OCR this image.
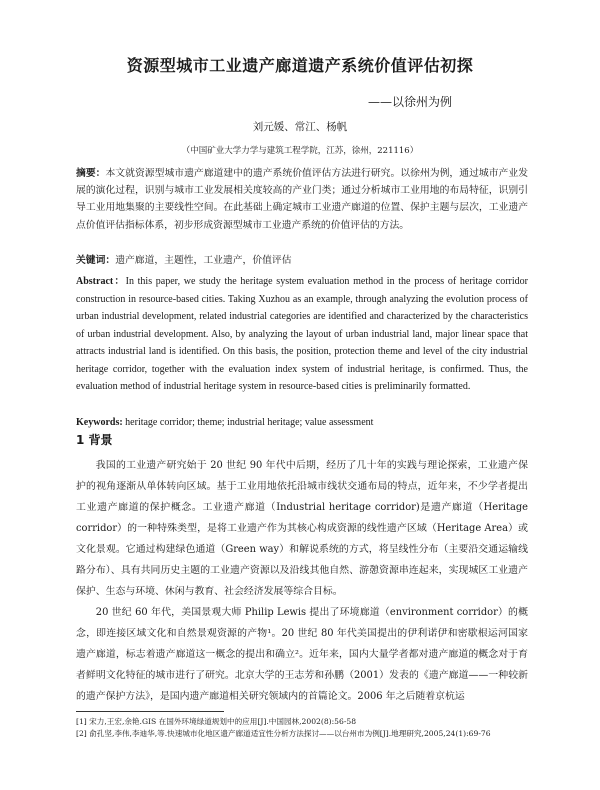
资源型城市工业遗产廊道遗产系统价值评估初探
——以徐州为例
刘元媛、常江、杨帆
（中国矿业大学力学与建筑工程学院，江苏，徐州，221116）
摘要：本文就资源型城市遗产廊道建中的遗产系统价值评估方法进行研究。以徐州为例，通过城市产业发展的演化过程，识别与城市工业发展相关度较高的产业门类；通过分析城市工业用地的布局特征，识别引导工业用地集聚的主要线性空间。在此基础上确定城市工业遗产廊道的位置、保护主题与层次，工业遗产点价值评估指标体系，初步形成资源型城市工业遗产系统的价值评估的方法。
关键词：遗产廊道，主题性，工业遗产，价值评估
Abstract：In this paper, we study the heritage system evaluation method in the process of heritage corridor construction in resource-based cities. Taking Xuzhou as an example, through analyzing the evolution process of urban industrial development, related industrial categories are identified and characterized by the characteristics of urban industrial development. Also, by analyzing the layout of urban industrial land, major linear space that attracts industrial land is identified. On this basis, the position, protection theme and level of the city industrial heritage corridor, together with the evaluation index system of industrial heritage, is confirmed. Thus, the evaluation method of industrial heritage system in resource-based cities is preliminarily formatted.
Keywords: heritage corridor; theme; industrial heritage; value assessment
1 背景

我国的工业遗产研究始于 20 世纪 90 年代中后期，经历了几十年的实践与理论探索，工业遗产保护的视角逐渐从单体转向区域。基于工业用地依托沿城市线状交通布局的特点，近年来，不少学者提出工业遗产廊道的保护概念。工业遗产廊道（Industrial heritage corridor)是遗产廊道（Heritage corridor）的一种特殊类型，是将工业遗产作为其核心构成资源的线性遗产区域（Heritage Area）或文化景观。它通过构建绿色通道（Green way）和解说系统的方式，将呈线性分布（主要沿交通运输线路分布）、具有共同历史主题的工业遗产资源以及沿线其他自然、游憩资源串连起来，实现城区工业遗产保护、生态与环境、休闲与教育、社会经济发展等综合目标。

20 世纪 60 年代，美国景观大师 Philip Lewis 提出了环境廊道（environment corridor）的概念，即连接区域文化和自然景观资源的产物¹。20 世纪 80 年代美国提出的伊利诺伊和密歇根运河国家遗产廊道，标志着遗产廊道这一概念的提出和确立²。近年来，国内大量学者都对遗产廊道的概念对于育者鲜明文化特征的城市进行了研究。北京大学的王志芳和孙鹏（2001）发表的《遗产廊道——一种较新的遗产保护方法》，是国内遗产廊道相关研究领域内的首篇论文。2006 年之后随着京杭运

[1] 宋力,王宏,余艳.GIS 在国外环境绿道规划中的应用[J].中国园林,2002(8):56-58
[2] 俞孔坚,李伟,李迪华,等.快速城市化地区遗产廊道适宜性分析方法探讨——以台州市为例[J].地理研究,2005,24(1):69-76
